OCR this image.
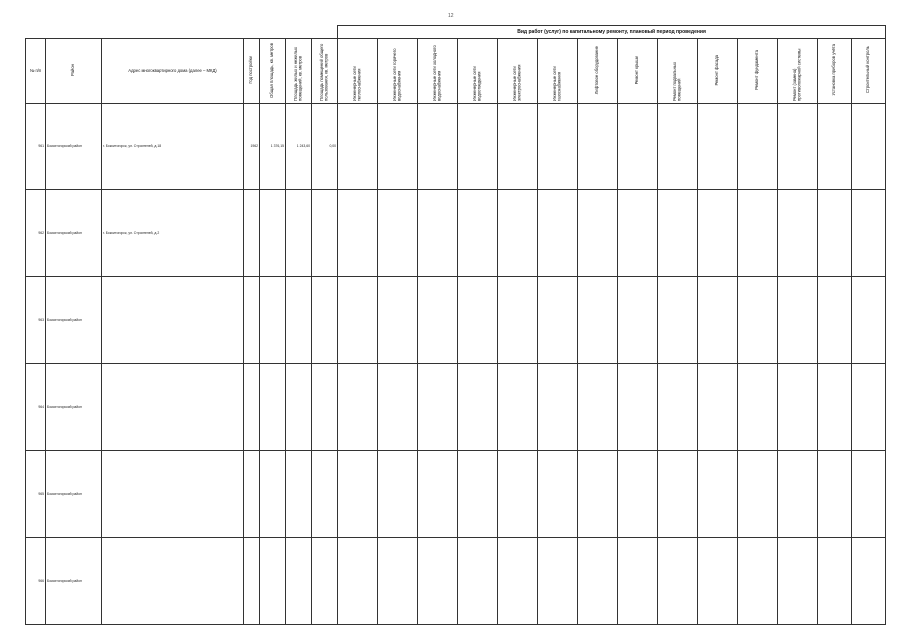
12
							Вид работ (услуг) по капитальному ремонту, плановый период проведения													
№ п/п	Район	Адрес многоквартирного дома (далее – МКД)	Год постройки	Общая площадь, кв. метров	Площадь жилых и нежилых помещений, кв. метров	Площадь помещений общего пользования, кв. метров	Инженерные сети теплоснабжения	Инженерные сети горячего водоснабжения	Инженерные сети холодного водоснабжения	Инженерные сети водоотведения	Инженерные сети электроснабжения	Инженерные сети газоснабжения	Лифтовое оборудование	Ремонт крыши	Ремонт подвальных помещений	Ремонт фасада	Ремонт фундамента	Ремонт (замена) противопожарной системы	Установка приборов учёта	Строительный контроль
961	Бокситогорский район	г. Бокситогорск, ул. Строителей, д.18	1962	1 376,15	1 243,60	0,00														
962	Бокситогорский район	г. Бокситогорск, ул. Строителей, д.2																		
963	Бокситогорский район																			
964	Бокситогорский район																			
965	Бокситогорский район																			
966	Бокситогорский район																			
